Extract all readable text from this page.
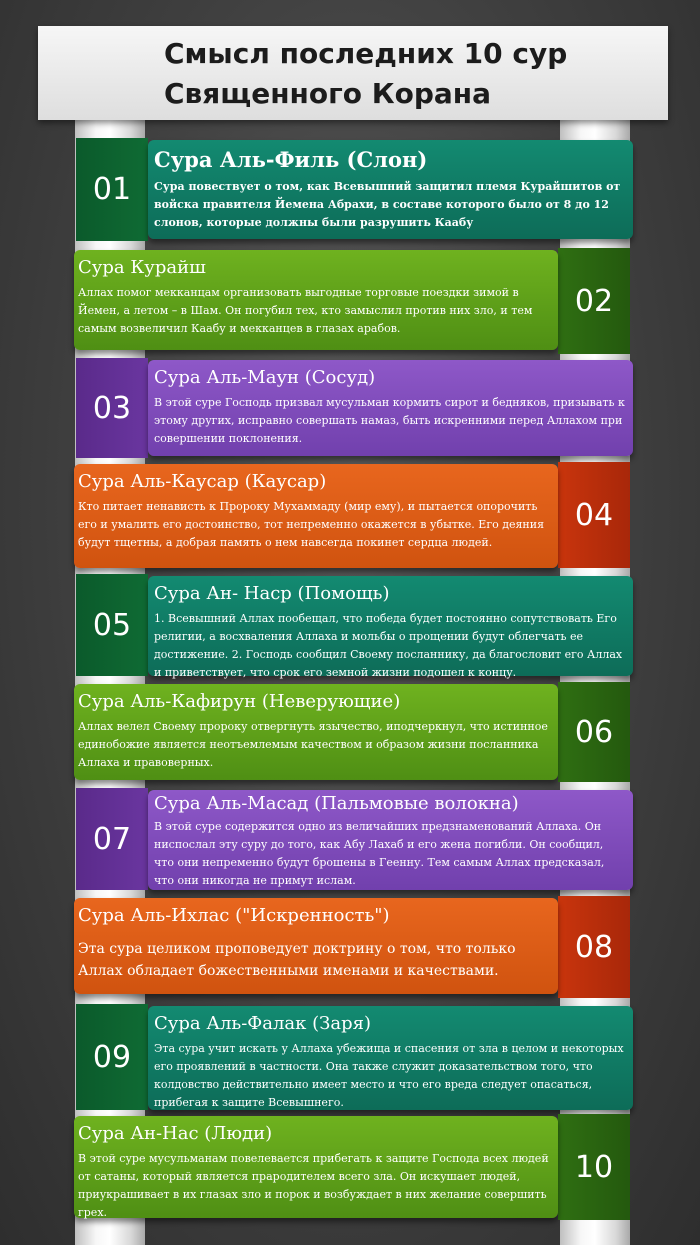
Смысл последних 10 сур
Священного Корана
01
Сура Аль-Филь (Слон)
Сура повествует о том, как Всевышний защитил племя Курайшитов от войска правителя Йемена Абрахи, в составе которого было от 8 до 12 слонов, которые должны были разрушить Каабу
02
Сура Курайш
Аллах помог мекканцам организовать выгодные торговые поездки зимой в Йемен, а летом – в Шам. Он погубил тех, кто замыслил против них зло, и тем самым возвеличил Каабу и мекканцев в глазах арабов.
03
Сура Аль-Маун (Сосуд)
В этой суре Господь призвал мусульман кормить сирот и бедняков, призывать к этому других, исправно совершать намаз, быть искренними перед Аллахом при совершении поклонения.
04
Сура Аль-Каусар (Каусар)
Кто питает ненависть к Пророку Мухаммаду (мир ему), и пытается опорочить его и умалить его достоинство, тот непременно окажется в убытке. Его деяния будут тщетны, а добрая память о нем навсегда покинет сердца людей.
05
Сура Ан- Наср (Помощь)
1. Всевышний Аллах пообещал, что победа будет постоянно сопутствовать Его религии, а восхваления Аллаха и мольбы о прощении будут облегчать ее достижение. 2. Господь сообщил Своему посланнику, да благословит его Аллах и приветствует, что срок его земной жизни подошел к концу.
06
Сура Аль-Кафирун (Неверующие)
Аллах велел Своему пророку отвергнуть язычество, иподчеркнул, что истинное единобожие является неотъемлемым качеством и образом жизни посланника Аллаха и правоверных.
07
Сура Аль-Масад (Пальмовые волокна)
В этой суре содержится одно из величайших предзнаменований Аллаха. Он ниспослал эту суру до того, как Абу Лахаб и его жена погибли. Он сообщил, что они непременно будут брошены в Геенну. Тем самым Аллах предсказал, что они никогда не примут ислам.
08
Сура Аль-Ихлас ("Искренность")
Эта сура целиком проповедует доктрину о том, что только Аллах обладает божественными именами и качествами.
09
Сура Аль-Фалак (Заря)
Эта сура учит искать у Аллаха убежища и спасения от зла в целом и некоторых его проявлений в частности. Она также служит доказательством того, что колдовство действительно имеет место и что его вреда следует опасаться, прибегая к защите Всевышнего.
10
Сура Ан-Нас (Люди)
В этой суре мусульманам повелевается прибегать к защите Господа всех людей от сатаны, который является прародителем всего зла. Он искушает людей, приукрашивает в их глазах зло и порок и возбуждает в них желание совершить грех.
